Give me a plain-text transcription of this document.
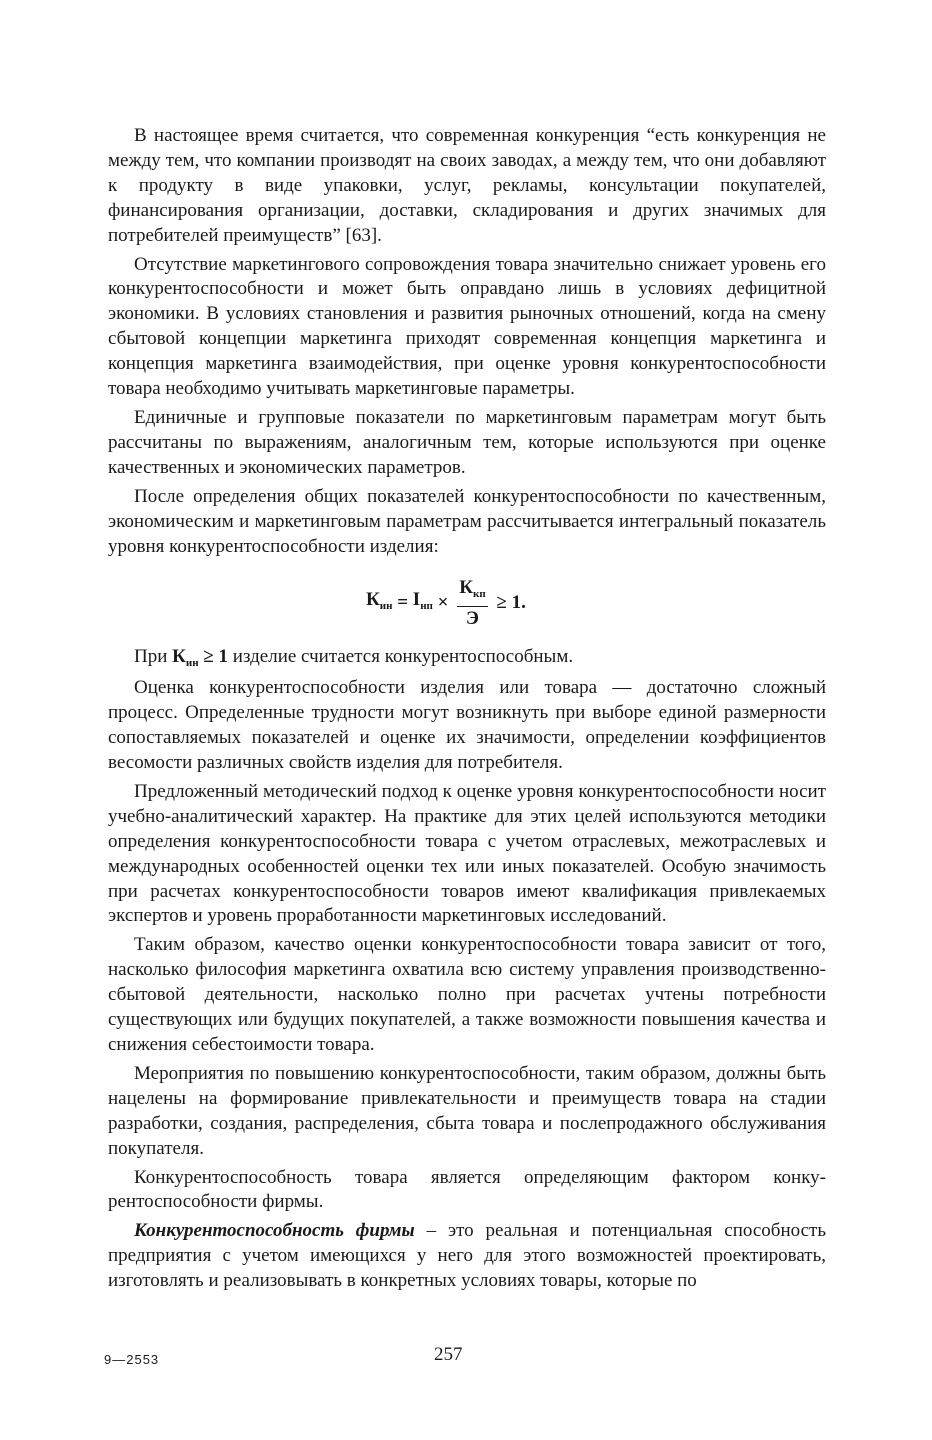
В настоящее время считается, что современная конкуренция “есть конкуренция не между тем, что компании производят на своих заводах, а между тем, что они добавляют к продукту в виде упаковки, услуг, рекламы, консультации покупателей, финансирования организации, доставки, складирования и других значимых для потребителей преимуществ” [63].

Отсутствие маркетингового сопровождения товара значительно снижает уровень его конкурентоспособности и может быть оправдано лишь в условиях дефицитной экономики. В условиях становления и развития рыночных отношений, когда на смену сбытовой концепции маркетинга приходят современная концепция маркетинга и концепция маркетинга взаимодействия, при оценке уровня конкурентоспособности товара необходимо учитывать маркетинговые параметры.

Единичные и групповые показатели по маркетинговым параметрам могут быть рассчитаны по выражениям, аналогичным тем, которые используются при оценке качественных и экономических параметров.

После определения общих показателей конкурентоспособности по качественным, экономическим и маркетинговым параметрам рассчитывается интегральный показатель уровня конкурентоспособности изделия:

$К_{ин} = I_{нп} \times \frac{К_{кп}}{Э} \ge 1$.

При $К_{ин} \ge 1$ изделие считается конкурентоспособным.

Оценка конкурентоспособности изделия или товара — достаточно сложный процесс. Определенные трудности могут возникнуть при выборе единой размерности сопоставляемых показателей и оценке их значимости, определении коэффициентов весомости различных свойств изделия для потребителя.

Предложенный методический подход к оценке уровня конкурентоспособности носит учебно-аналитический характер. На практике для этих целей используются методики определения конкурентоспособности товара с учетом отраслевых, межотраслевых и международных особенностей оценки тех или иных показателей. Особую значимость при расчетах конкурентоспособности товаров имеют квалификация привлекаемых экспертов и уровень проработанности маркетинговых исследований.

Таким образом, качество оценки конкурентоспособности товара зависит от того, насколько философия маркетинга охватила всю систему управления производственно-сбытовой деятельности, насколько полно при расчетах учтены потребности существующих или будущих покупателей, а также возможности повышения качества и снижения себестоимости товара.

Мероприятия по повышению конкурентоспособности, таким образом, должны быть нацелены на формирование привлекательности и преимуществ товара на стадии разработки, создания, распределения, сбыта товара и послепродажного обслуживания покупателя.

Конкурентоспособность товара является определяющим фактором конкурентоспособности фирмы.

Конкурентоспособность фирмы – это реальная и потенциальная способность предприятия с учетом имеющихся у него для этого возможностей проектировать, изготовлять и реализовывать в конкретных условиях товары, которые по

9—2553	257
